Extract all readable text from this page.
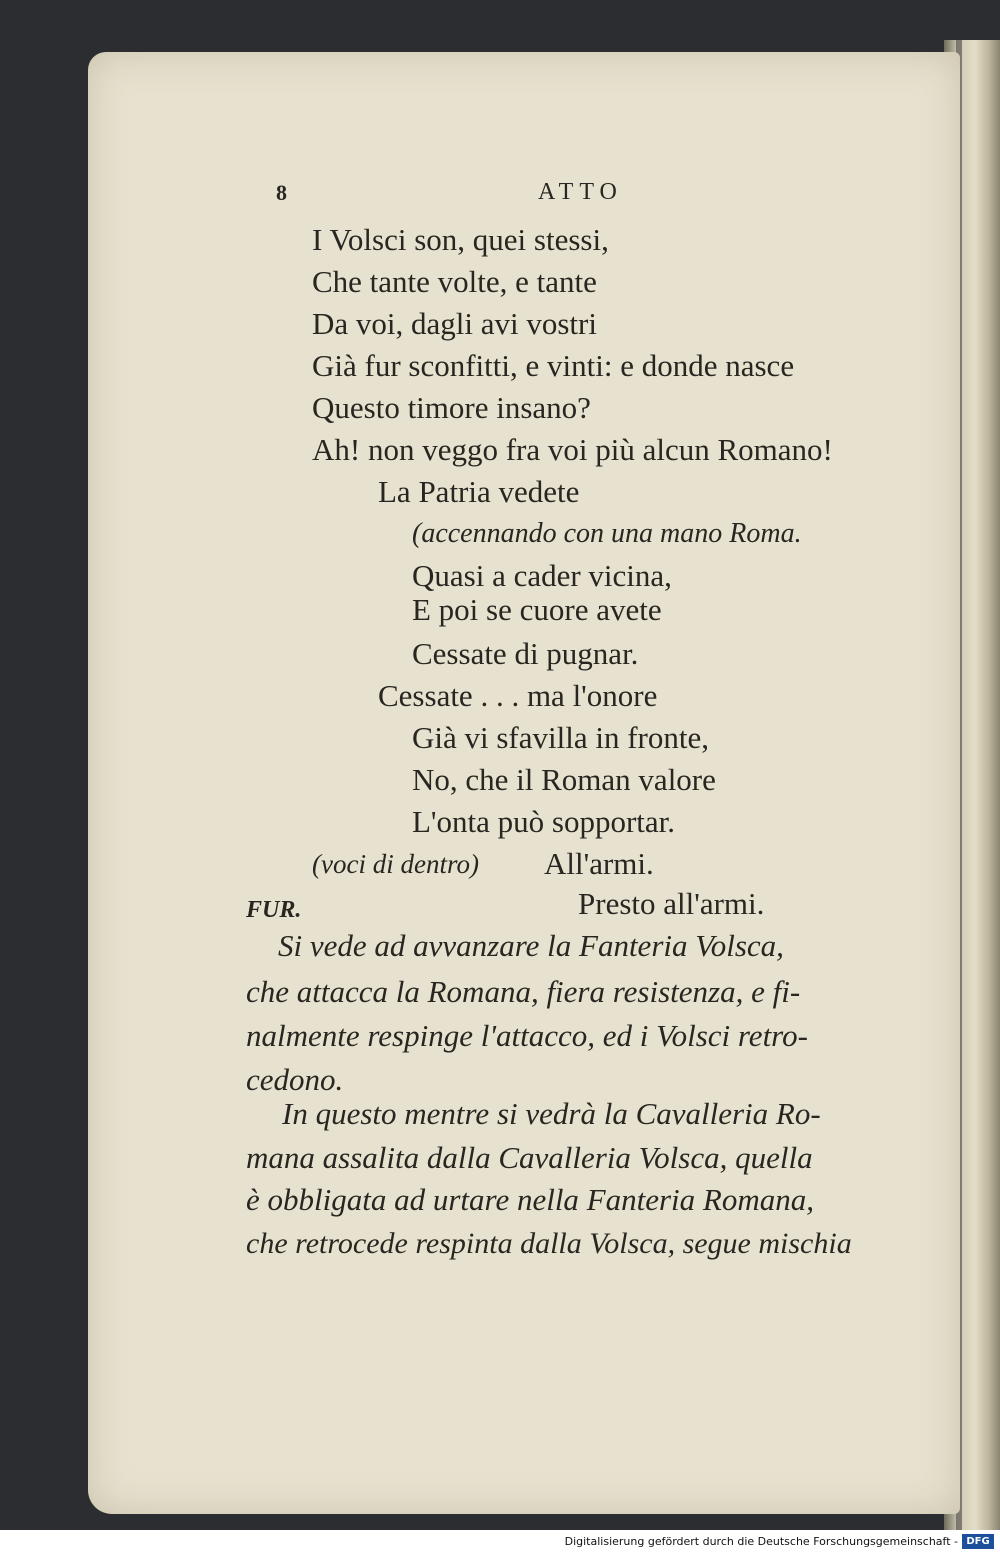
8	ATTO
I Volsci son, quei stessi,
Che tante volte, e tante
Da voi, dagli avi vostri
Già fur sconfitti, e vinti: e donde nasce
Questo timore insano?
Ah! non veggo fra voi più alcun Romano!
La Patria vedete
(accennando con una mano Roma.
Quasi a cader vicina,
E poi se cuore avete
Cessate di pugnar.
Cessate . . . ma l'onore
Già vi sfavilla in fronte,
No, che il Roman valore
L'onta può sopportar.
(voci di dentro) All'armi.
FUR.	Presto all'armi.
Si vede ad avvanzare la Fanteria Volsca,
che attacca la Romana, fiera resistenza, e fi-
nalmente respinge l'attacco, ed i Volsci retro-
cedono.
In questo mentre si vedrà la Cavalleria Ro-
mana assalita dalla Cavalleria Volsca, quella
è obbligata ad urtare nella Fanteria Romana,
che retrocede respinta dalla Volsca, segue mischia
Digitalisierung gefördert durch die Deutsche Forschungsgemeinschaft - DFG
